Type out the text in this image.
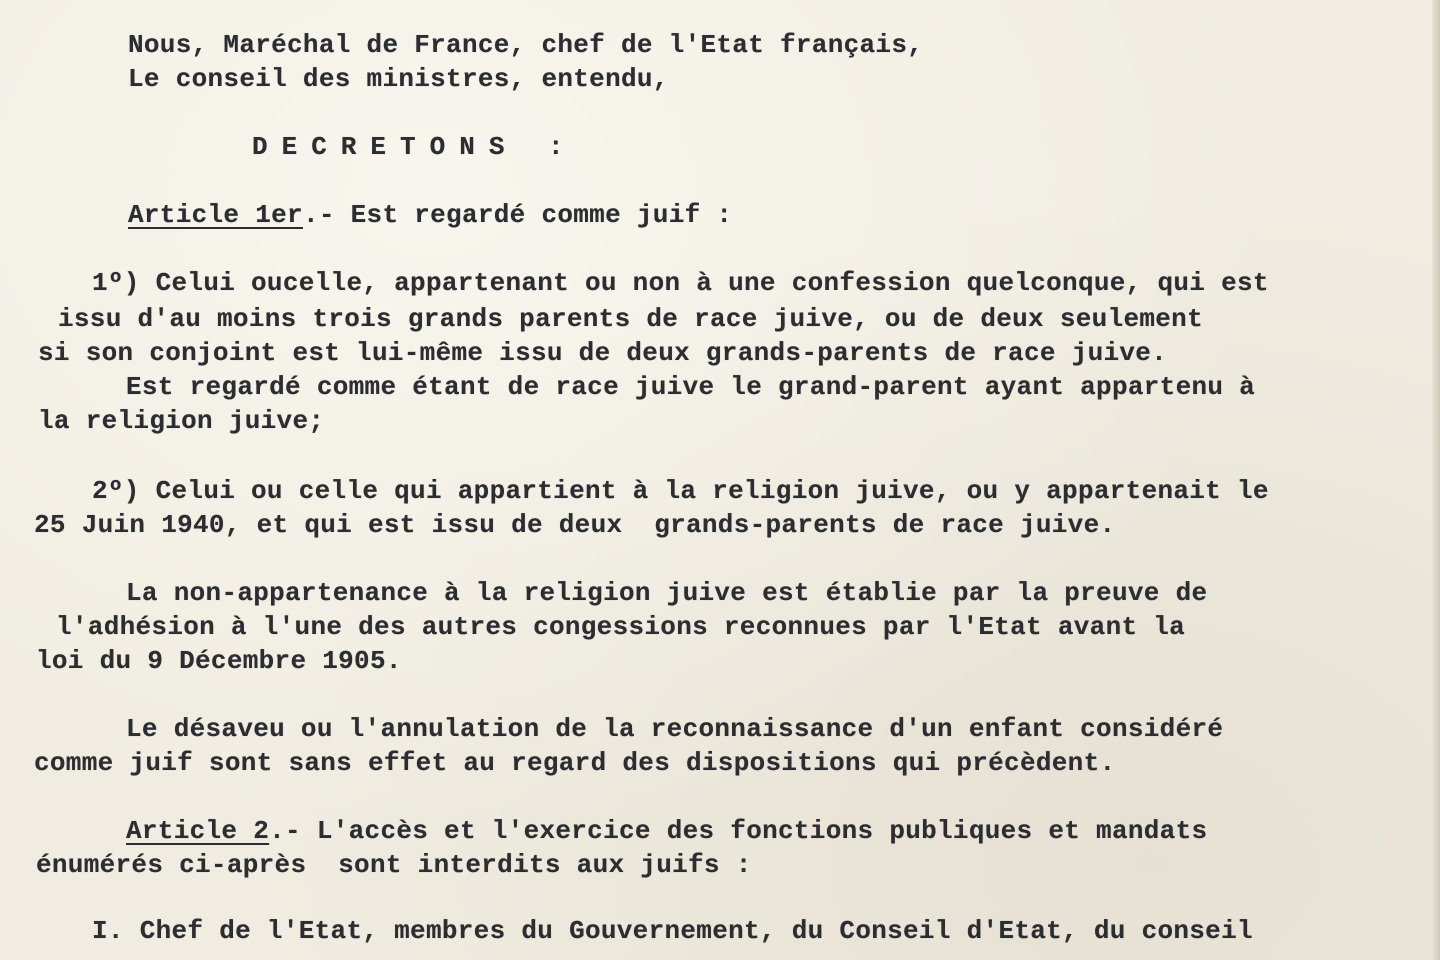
Nous, Maréchal de France, chef de l'Etat français,
Le conseil des ministres, entendu,
DECRETONS :
Article 1er.- Est regardé comme juif :
1º) Celui oucelle, appartenant ou non à une confession quelconque, qui est
issu d'au moins trois grands parents de race juive, ou de deux seulement
si son conjoint est lui-même issu de deux grands-parents de race juive.
Est regardé comme étant de race juive le grand-parent ayant appartenu à
la religion juive;
2º) Celui ou celle qui appartient à la religion juive, ou y appartenait le
25 Juin 1940, et qui est issu de deux  grands-parents de race juive.
La non-appartenance à la religion juive est établie par la preuve de
l'adhésion à l'une des autres congessions reconnues par l'Etat avant la
loi du 9 Décembre 1905.
Le désaveu ou l'annulation de la reconnaissance d'un enfant considéré
comme juif sont sans effet au regard des dispositions qui précèdent.
Article 2.- L'accès et l'exercice des fonctions publiques et mandats
énumérés ci-après  sont interdits aux juifs :
I. Chef de l'Etat, membres du Gouvernement, du Conseil d'Etat, du conseil
